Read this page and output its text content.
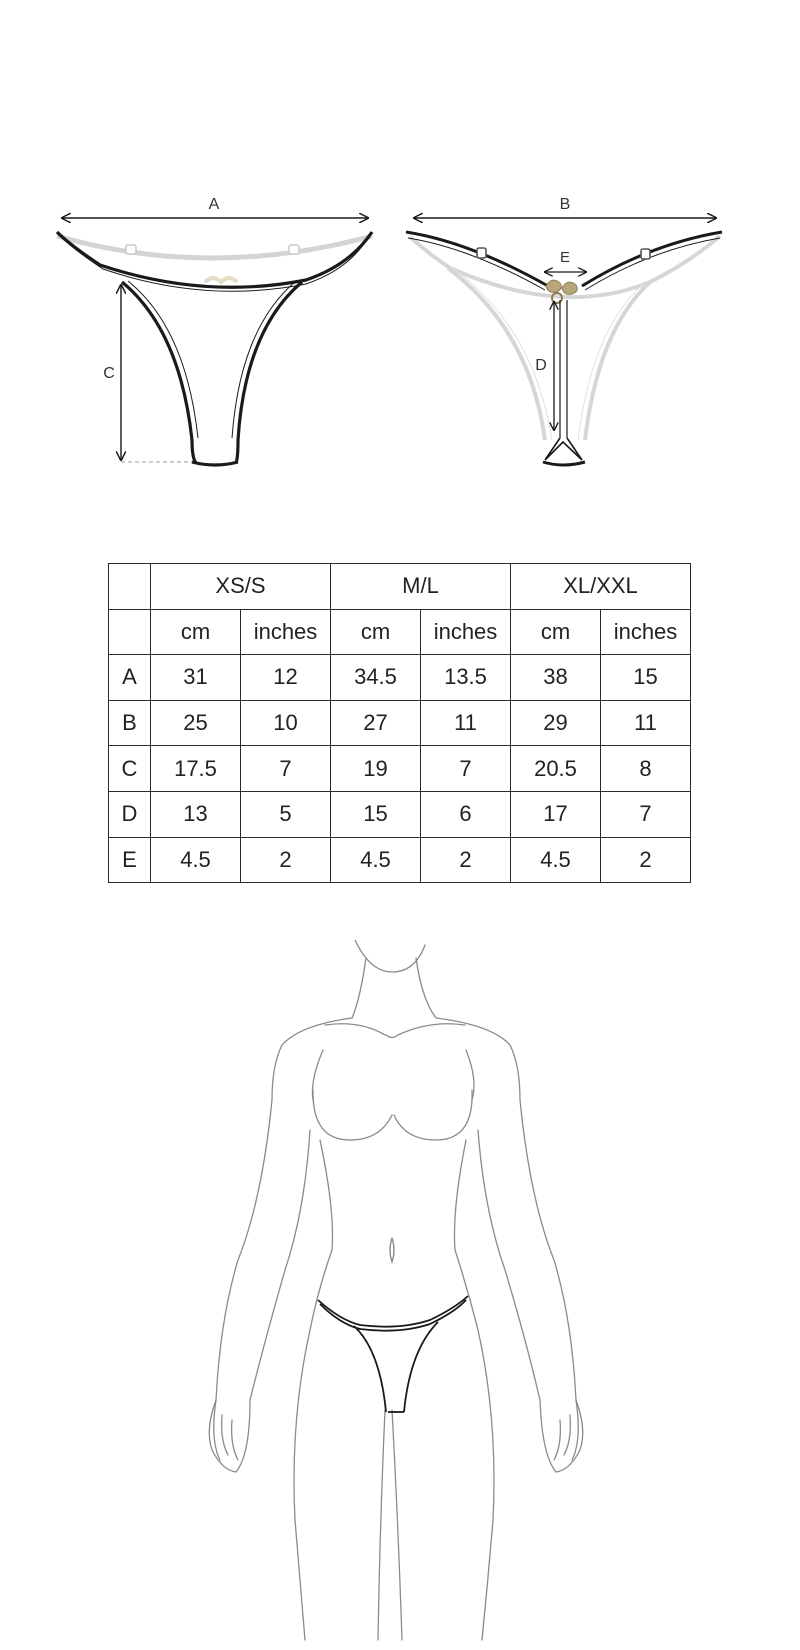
A
C
B
E
D
	XS/S		M/L		XL/XXL	
	cm	inches	cm	inches	cm	inches
A	31	12	34.5	13.5	38	15
B	25	10	27	11	29	11
C	17.5	7	19	7	20.5	8
D	13	5	15	6	17	7
E	4.5	2	4.5	2	4.5	2
